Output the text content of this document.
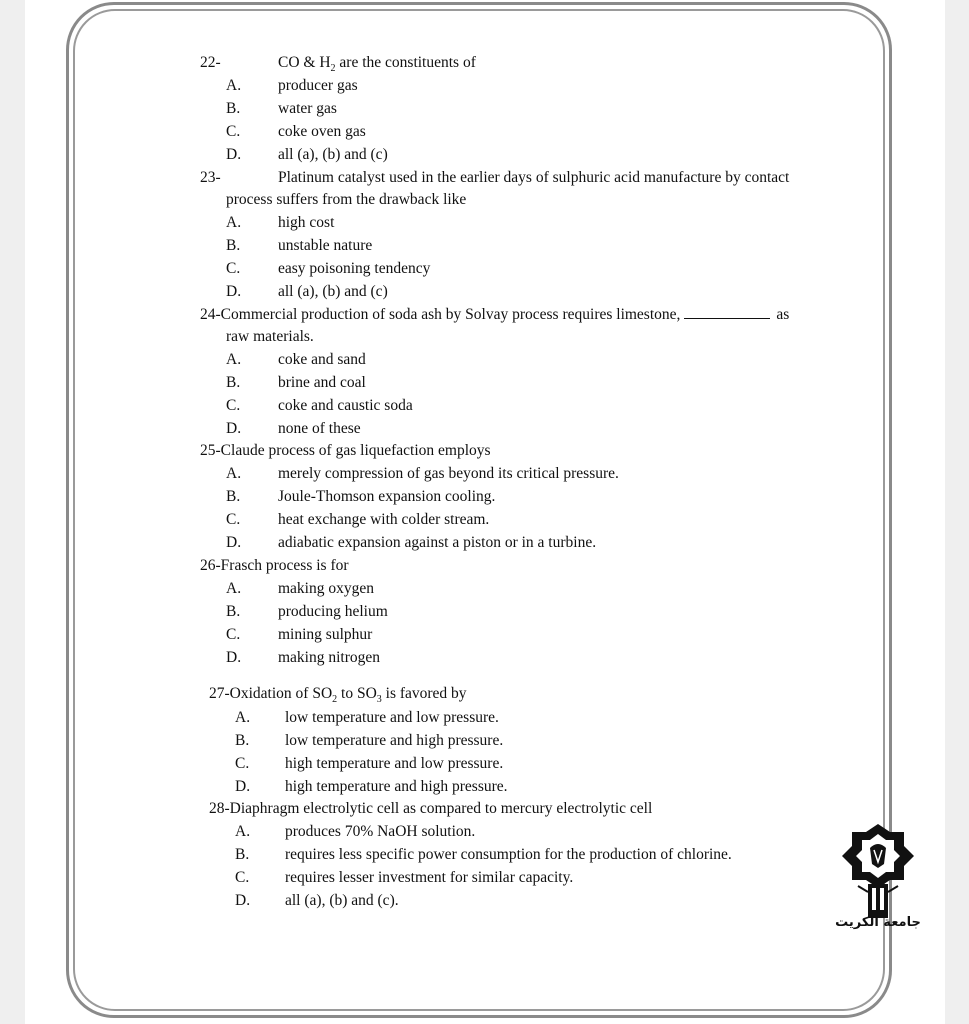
22-	CO & $H_2$ are the constituents of
A. producer gas
B. water gas
C. coke oven gas
D. all (a), (b) and (c)
23-	Platinum catalyst used in the earlier days of sulphuric acid manufacture by contact
process suffers from the drawback like
A. high cost
B. unstable nature
C. easy poisoning tendency
D. all (a), (b) and (c)
24-Commercial production of soda ash by Solvay process requires limestone,	as
raw materials.
A. coke and sand
B. brine and coal
C. coke and caustic soda
D. none of these
25-Claude process of gas liquefaction employs
A. merely compression of gas beyond its critical pressure.
B. Joule-Thomson expansion cooling.
C. heat exchange with colder stream.
D. adiabatic expansion against a piston or in a turbine.
26-Frasch process is for
A. making oxygen
B. producing helium
C. mining sulphur
D. making nitrogen
27-Oxidation of $SO_2$ to $SO_3$ is favored by
A. low temperature and low pressure.
B. low temperature and high pressure.
C. high temperature and low pressure.
D. high temperature and high pressure.
28-Diaphragm electrolytic cell as compared to mercury electrolytic cell
A. produces 70% NaOH solution.
B. requires less specific power consumption for the production of chlorine.
C. requires lesser investment for similar capacity.
D. all (a), (b) and (c).
جامعة الكريت
